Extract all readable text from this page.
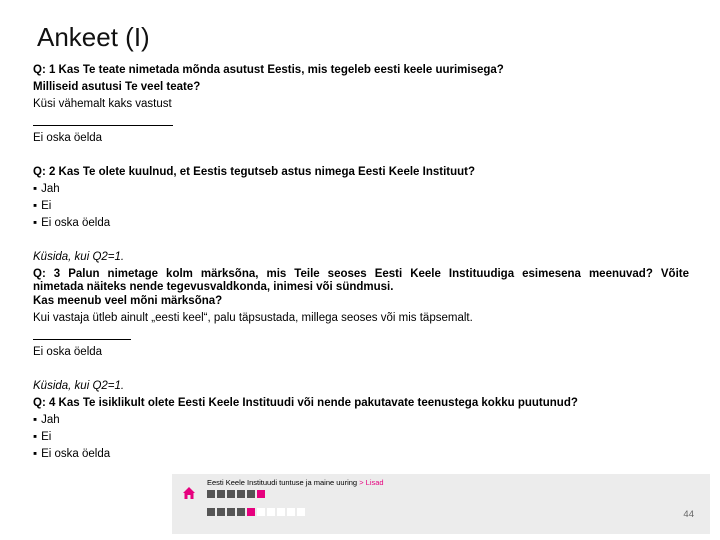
Ankeet (I)

Q: 1 Kas Te teate nimetada mõnda asutust Eestis, mis tegeleb eesti keele uurimisega?

Milliseid asutusi Te veel teate?

Küsi vähemalt kaks vastust

Ei oska öelda

Q: 2 Kas Te olete kuulnud, et Eestis tegutseb astus nimega Eesti Keele Instituut?

▪ Jah

▪ Ei

▪ Ei oska öelda

Küsida, kui Q2=1.

Q: 3 Palun nimetage kolm märksõna, mis Teile seoses Eesti Keele Instituudiga esimesena meenuvad? Võite

nimetada näiteks nende tegevusvaldkonda, inimesi või sündmusi.

Kas meenub veel mõni märksõna?

Kui vastaja ütleb ainult „eesti keel“, palu täpsustada, millega seoses või mis täpsemalt.

Ei oska öelda

Küsida, kui Q2=1.

Q: 4 Kas Te isiklikult olete Eesti Keele Instituudi või nende pakutavate teenustega kokku puutunud?

▪ Jah

▪ Ei

▪ Ei oska öelda

Eesti Keele Instituudi tuntuse ja maine uuring > Lisad
44
